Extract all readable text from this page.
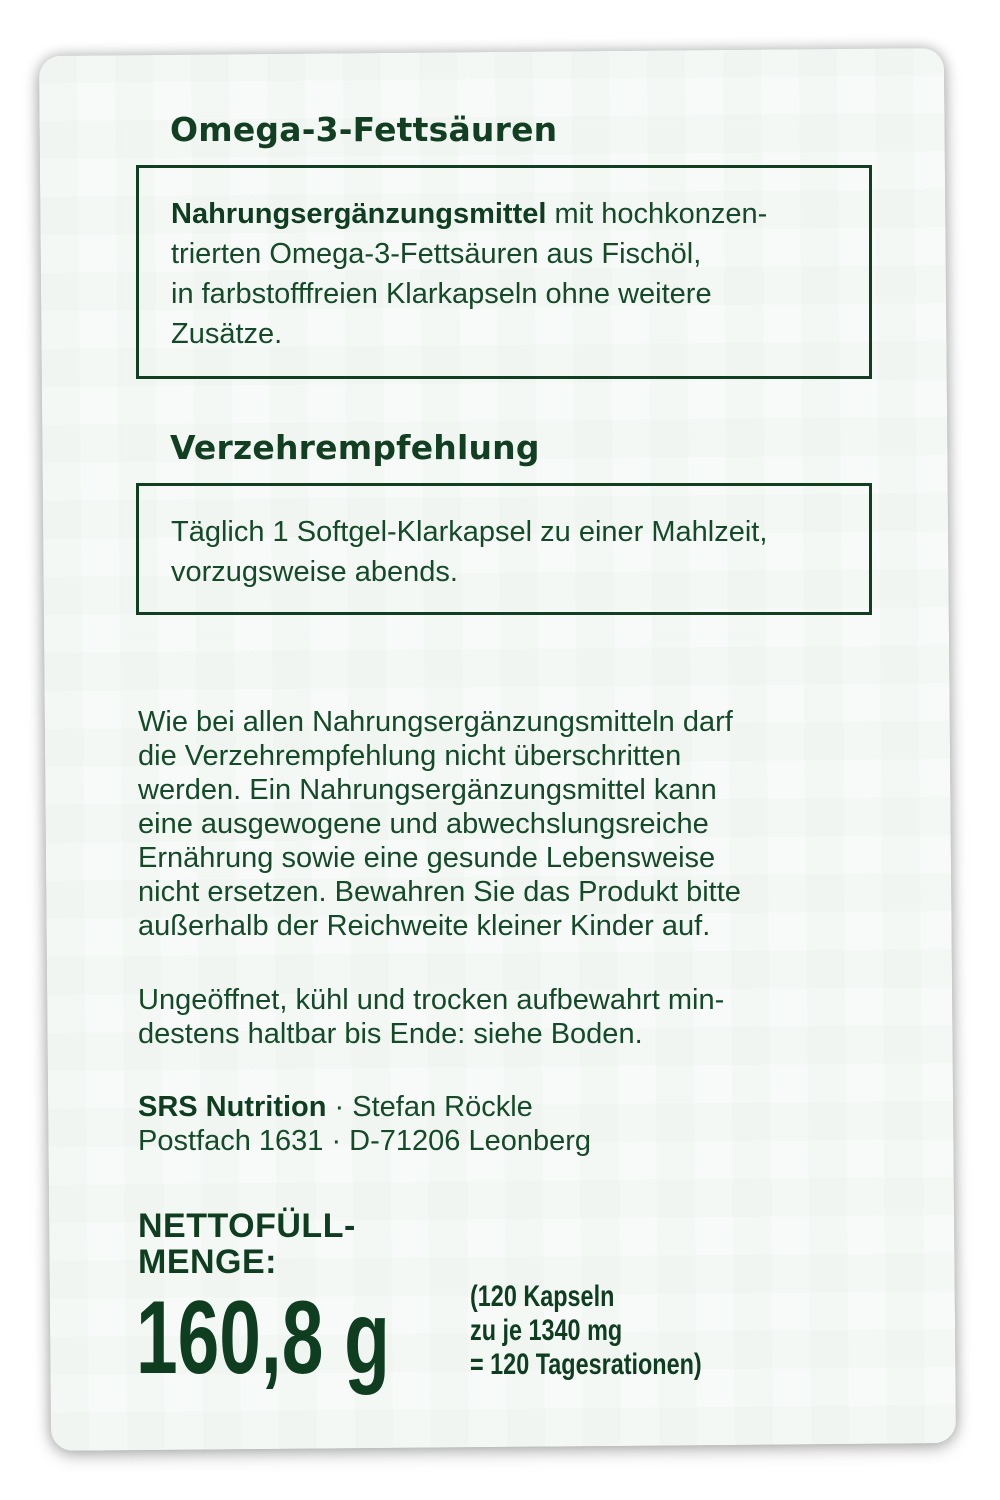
Omega-3-Fettsäuren
Nahrungsergänzungsmittel mit hochkonzen-
trierten Omega-3-Fettsäuren aus Fischöl,
in farbstofffreien Klarkapseln ohne weitere
Zusätze.
Verzehrempfehlung
Täglich 1 Softgel-Klarkapsel zu einer Mahlzeit,
vorzugsweise abends.
Wie bei allen Nahrungsergänzungsmitteln darf
die Verzehrempfehlung nicht überschritten
werden. Ein Nahrungsergänzungsmittel kann
eine ausgewogene und abwechslungsreiche
Ernährung sowie eine gesunde Lebensweise
nicht ersetzen. Bewahren Sie das Produkt bitte
außerhalb der Reichweite kleiner Kinder auf.
Ungeöffnet, kühl und trocken aufbewahrt min-
destens haltbar bis Ende: siehe Boden.
SRS Nutrition · Stefan Röckle
Postfach 1631 · D-71206 Leonberg
NETTOFÜLL-
MENGE:
160,8 g	(120 Kapseln
zu je 1340 mg
= 120 Tagesrationen)
